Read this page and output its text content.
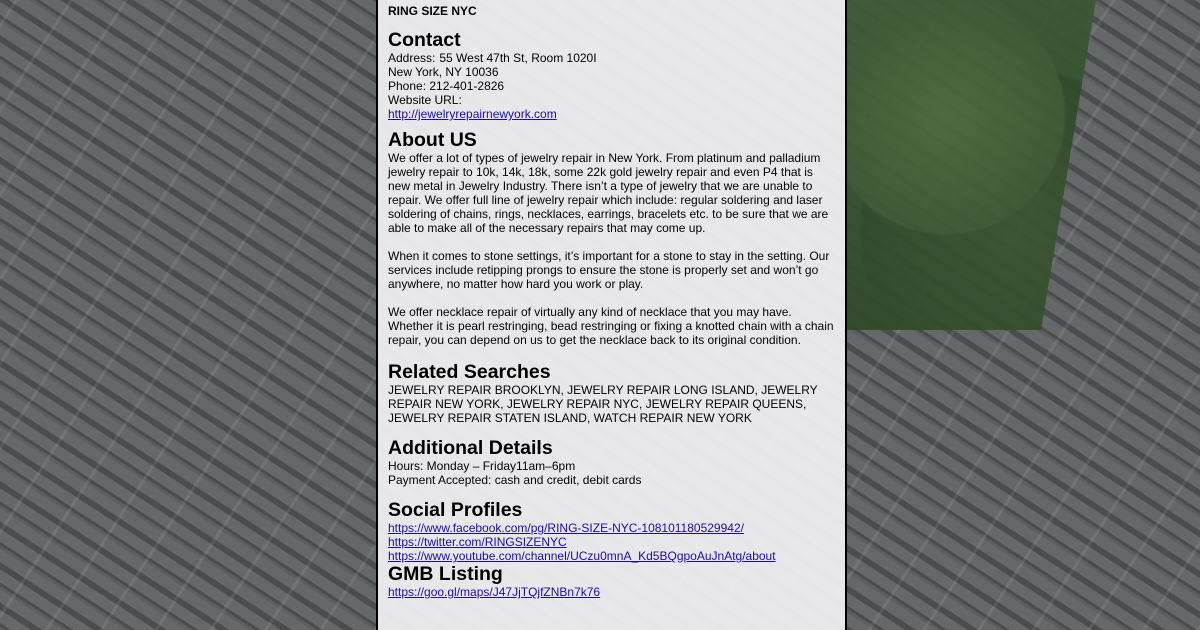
RING SIZE NYC
Contact
Address: 55 West 47th St, Room 1020I
New York, NY 10036
Phone: 212-401-2826
Website URL:
http://jewelryrepairnewyork.com
About US

We offer a lot of types of jewelry repair in New York. From platinum and palladium jewelry repair to 10k, 14k, 18k, some 22k gold jewelry repair and even P4 that is new metal in Jewelry Industry. There isn’t a type of jewelry that we are unable to repair. We offer full line of jewelry repair which include: regular soldering and laser soldering of chains, rings, necklaces, earrings, bracelets etc. to be sure that we are able to make all of the necessary repairs that may come up.

When it comes to stone settings, it’s important for a stone to stay in the setting. Our services include retipping prongs to ensure the stone is properly set and won’t go anywhere, no matter how hard you work or play.

We offer necklace repair of virtually any kind of necklace that you may have. Whether it is pearl restringing, bead restringing or fixing a knotted chain with a chain repair, you can depend on us to get the necklace back to its original condition.

Related Searches
JEWELRY REPAIR BROOKLYN, JEWELRY REPAIR LONG ISLAND, JEWELRY REPAIR NEW YORK, JEWELRY REPAIR NYC, JEWELRY REPAIR QUEENS, JEWELRY REPAIR STATEN ISLAND, WATCH REPAIR NEW YORK
Additional Details
Hours: Monday – Friday11am–6pm
Payment Accepted: cash and credit, debit cards
Social Profiles
https://www.facebook.com/pg/RING-SIZE-NYC-108101180529942/
https://twitter.com/RINGSIZENYC
https://www.youtube.com/channel/UCzu0mnA_Kd5BQgpoAuJnAtg/about
GMB Listing
https://goo.gl/maps/J47JjTQjfZNBn7k76
